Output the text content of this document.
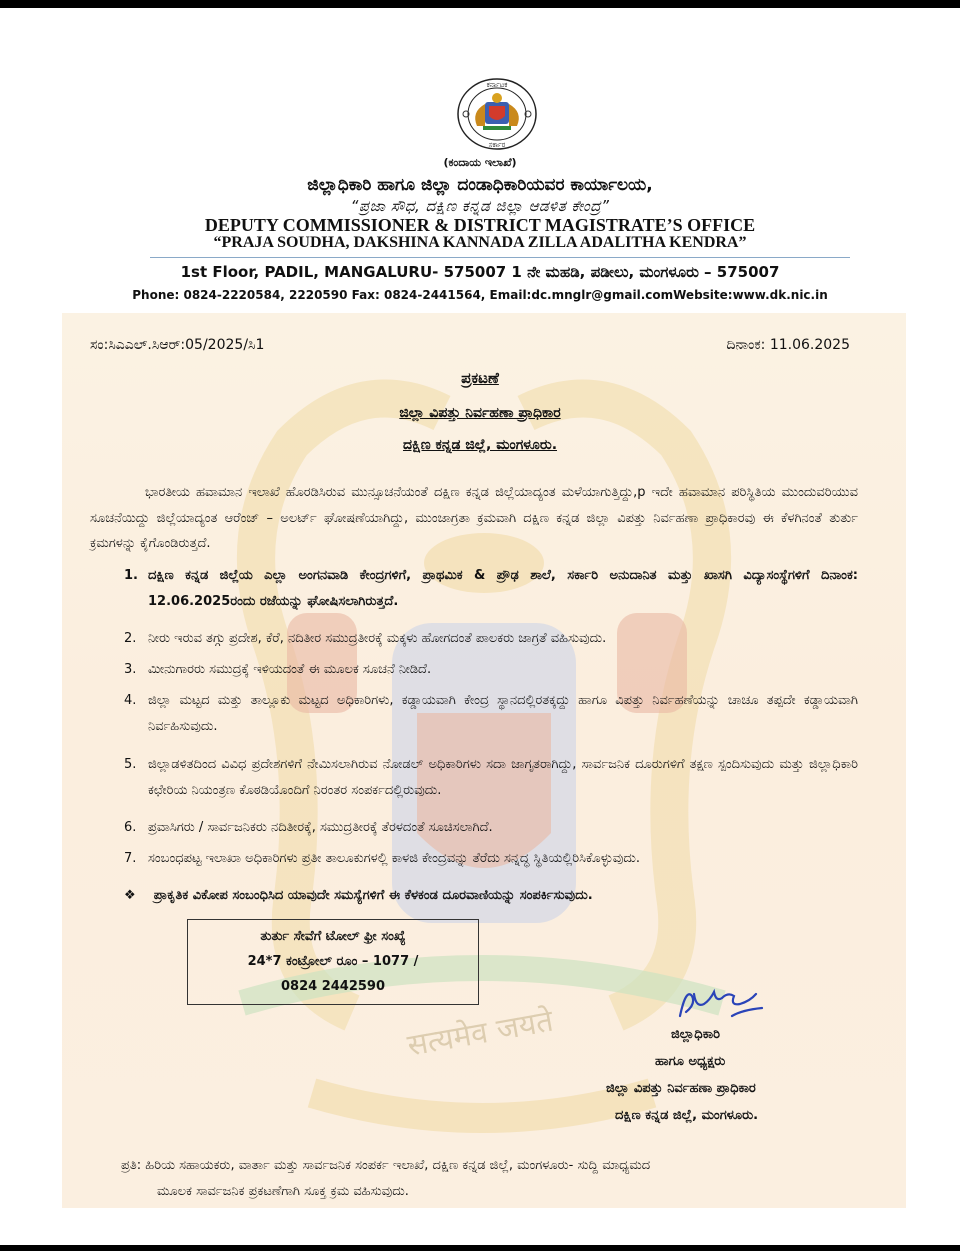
ಕರ್ನಾಟಕ
ಸರ್ಕಾರ
(ಕಂದಾಯ ಇಲಾಖೆ)
ಜಿಲ್ಲಾಧಿಕಾರಿ ಹಾಗೂ ಜಿಲ್ಲಾ ದಂಡಾಧಿಕಾರಿಯವರ ಕಾರ್ಯಾಲಯ,
“ಪ್ರಜಾ ಸೌಧ, ದಕ್ಷಿಣ ಕನ್ನಡ ಜಿಲ್ಲಾ ಆಡಳಿತ ಕೇಂದ್ರ”
DEPUTY COMMISSIONER & DISTRICT MAGISTRATE’S OFFICE
“PRAJA SOUDHA, DAKSHINA KANNADA ZILLA ADALITHA KENDRA”
1st Floor, PADIL, MANGALURU- 575007 1 ನೇ ಮಹಡಿ, ಪಡೀಲು, ಮಂಗಳೂರು – 575007
Phone: 0824-2220584, 2220590 Fax: 0824-2441564, Email:dc.mnglr@gmail.comWebsite:www.dk.nic.in
सत्यमेव जयते
ಸಂ:ಸಿಎಎಲ್.ಸಿಆರ್:05/2025/ಸಿ1	ದಿನಾಂಕ: 11.06.2025
ಪ್ರಕಟಣೆ
ಜಿಲ್ಲಾ ವಿಪತ್ತು ನಿರ್ವಹಣಾ ಪ್ರಾಧಿಕಾರ
ದಕ್ಷಿಣ ಕನ್ನಡ ಜಿಲ್ಲೆ, ಮಂಗಳೂರು.
ಭಾರತೀಯ ಹವಾಮಾನ ಇಲಾಖೆ ಹೊರಡಿಸಿರುವ ಮುನ್ಸೂಚನೆಯಂತೆ ದಕ್ಷಿಣ ಕನ್ನಡ ಜಿಲ್ಲೆಯಾದ್ಯಂತ ಮಳೆಯಾಗುತ್ತಿದ್ದು,p ಇದೇ ಹವಾಮಾನ ಪರಿಸ್ಥಿತಿಯ ಮುಂದುವರಿಯುವ ಸೂಚನೆಯಿದ್ದು ಜಿಲ್ಲೆಯಾದ್ಯಂತ ಆರೆಂಜ್ – ಅಲರ್ಟ್ ಘೋಷಣೆಯಾಗಿದ್ದು, ಮುಂಜಾಗ್ರತಾ ಕ್ರಮವಾಗಿ ದಕ್ಷಿಣ ಕನ್ನಡ ಜಿಲ್ಲಾ ವಿಪತ್ತು ನಿರ್ವಹಣಾ ಪ್ರಾಧಿಕಾರವು ಈ ಕೆಳಗಿನಂತೆ ತುರ್ತು ಕ್ರಮಗಳನ್ನು ಕೈಗೊಂಡಿರುತ್ತದೆ.
1. ದಕ್ಷಿಣ ಕನ್ನಡ ಜಿಲ್ಲೆಯ ಎಲ್ಲಾ ಅಂಗನವಾಡಿ ಕೇಂದ್ರಗಳಿಗೆ, ಪ್ರಾಥಮಿಕ & ಪ್ರೌಢ ಶಾಲೆ, ಸರ್ಕಾರಿ ಅನುದಾನಿತ ಮತ್ತು ಖಾಸಗಿ ವಿದ್ಯಾಸಂಸ್ಥೆಗಳಿಗೆ ದಿನಾಂಕ: 12.06.2025ರಂದು ರಜೆಯನ್ನು ಘೋಷಿಸಲಾಗಿರುತ್ತದೆ.
2. ನೀರು ಇರುವ ತಗ್ಗು ಪ್ರದೇಶ, ಕೆರೆ, ನದಿತೀರ ಸಮುದ್ರತೀರಕ್ಕೆ ಮಕ್ಕಳು ಹೋಗದಂತೆ ಪಾಲಕರು ಜಾಗ್ರತೆ ವಹಿಸುವುದು.
3. ಮೀನುಗಾರರು ಸಮುದ್ರಕ್ಕೆ ಇಳಿಯದಂತೆ ಈ ಮೂಲಕ ಸೂಚನೆ ನೀಡಿದೆ.
4. ಜಿಲ್ಲಾ ಮಟ್ಟದ ಮತ್ತು ತಾಲ್ಲೂಕು ಮಟ್ಟದ ಅಧಿಕಾರಿಗಳು, ಕಡ್ಡಾಯವಾಗಿ ಕೇಂದ್ರ ಸ್ಥಾನದಲ್ಲಿರತಕ್ಕದ್ದು ಹಾಗೂ ವಿಪತ್ತು ನಿರ್ವಹಣೆಯನ್ನು ಚಾಚೂ ತಪ್ಪದೇ ಕಡ್ಡಾಯವಾಗಿ ನಿರ್ವಹಿಸುವುದು.
5. ಜಿಲ್ಲಾಡಳಿತದಿಂದ ವಿವಿಧ ಪ್ರದೇಶಗಳಿಗೆ ನೇಮಿಸಲಾಗಿರುವ ನೋಡಲ್ ಅಧಿಕಾರಿಗಳು ಸದಾ ಜಾಗೃತರಾಗಿದ್ದು, ಸಾರ್ವಜನಿಕ ದೂರುಗಳಿಗೆ ತಕ್ಷಣ ಸ್ಪಂದಿಸುವುದು ಮತ್ತು ಜಿಲ್ಲಾಧಿಕಾರಿ ಕಛೇರಿಯ ನಿಯಂತ್ರಣ ಕೊಠಡಿಯೊಂದಿಗೆ ನಿರಂತರ ಸಂಪರ್ಕದಲ್ಲಿರುವುದು.
6. ಪ್ರವಾಸಿಗರು / ಸಾರ್ವಜನಿಕರು ನದಿತೀರಕ್ಕೆ, ಸಮುದ್ರತೀರಕ್ಕೆ ತೆರಳದಂತೆ ಸೂಚಿಸಲಾಗಿದೆ.
7. ಸಂಬಂಧಪಟ್ಟ ಇಲಾಖಾ ಅಧಿಕಾರಿಗಳು ಪ್ರತೀ ತಾಲೂಕುಗಳಲ್ಲಿ ಕಾಳಜಿ ಕೇಂದ್ರವನ್ನು ತೆರೆದು ಸನ್ನದ್ಧ ಸ್ಥಿತಿಯಲ್ಲಿರಿಸಿಕೊಳ್ಳುವುದು.
❖ ಪ್ರಾಕೃತಿಕ ವಿಕೋಪ ಸಂಬಂಧಿಸಿದ ಯಾವುದೇ ಸಮಸ್ಯೆಗಳಿಗೆ ಈ ಕೆಳಕಂಡ ದೂರವಾಣಿಯನ್ನು ಸಂಪರ್ಕಿಸುವುದು.
ತುರ್ತು ಸೇವೆಗೆ ಟೋಲ್ ಫ್ರೀ ಸಂಖ್ಯೆ
24*7 ಕಂಟ್ರೋಲ್ ರೂಂ – 1077 /
0824 2442590
ಜಿಲ್ಲಾಧಿಕಾರಿ
ಹಾಗೂ ಅಧ್ಯಕ್ಷರು
ಜಿಲ್ಲಾ ವಿಪತ್ತು ನಿರ್ವಹಣಾ ಪ್ರಾಧಿಕಾರ
ದಕ್ಷಿಣ ಕನ್ನಡ ಜಿಲ್ಲೆ, ಮಂಗಳೂರು.
ಪ್ರತಿ: ಹಿರಿಯ ಸಹಾಯಕರು, ವಾರ್ತಾ ಮತ್ತು ಸಾರ್ವಜನಿಕ ಸಂಪರ್ಕ ಇಲಾಖೆ, ದಕ್ಷಿಣ ಕನ್ನಡ ಜಿಲ್ಲೆ, ಮಂಗಳೂರು- ಸುದ್ದಿ ಮಾಧ್ಯಮದ
ಮೂಲಕ ಸಾರ್ವಜನಿಕ ಪ್ರಕಟಣೆಗಾಗಿ ಸೂಕ್ತ ಕ್ರಮ ವಹಿಸುವುದು.
